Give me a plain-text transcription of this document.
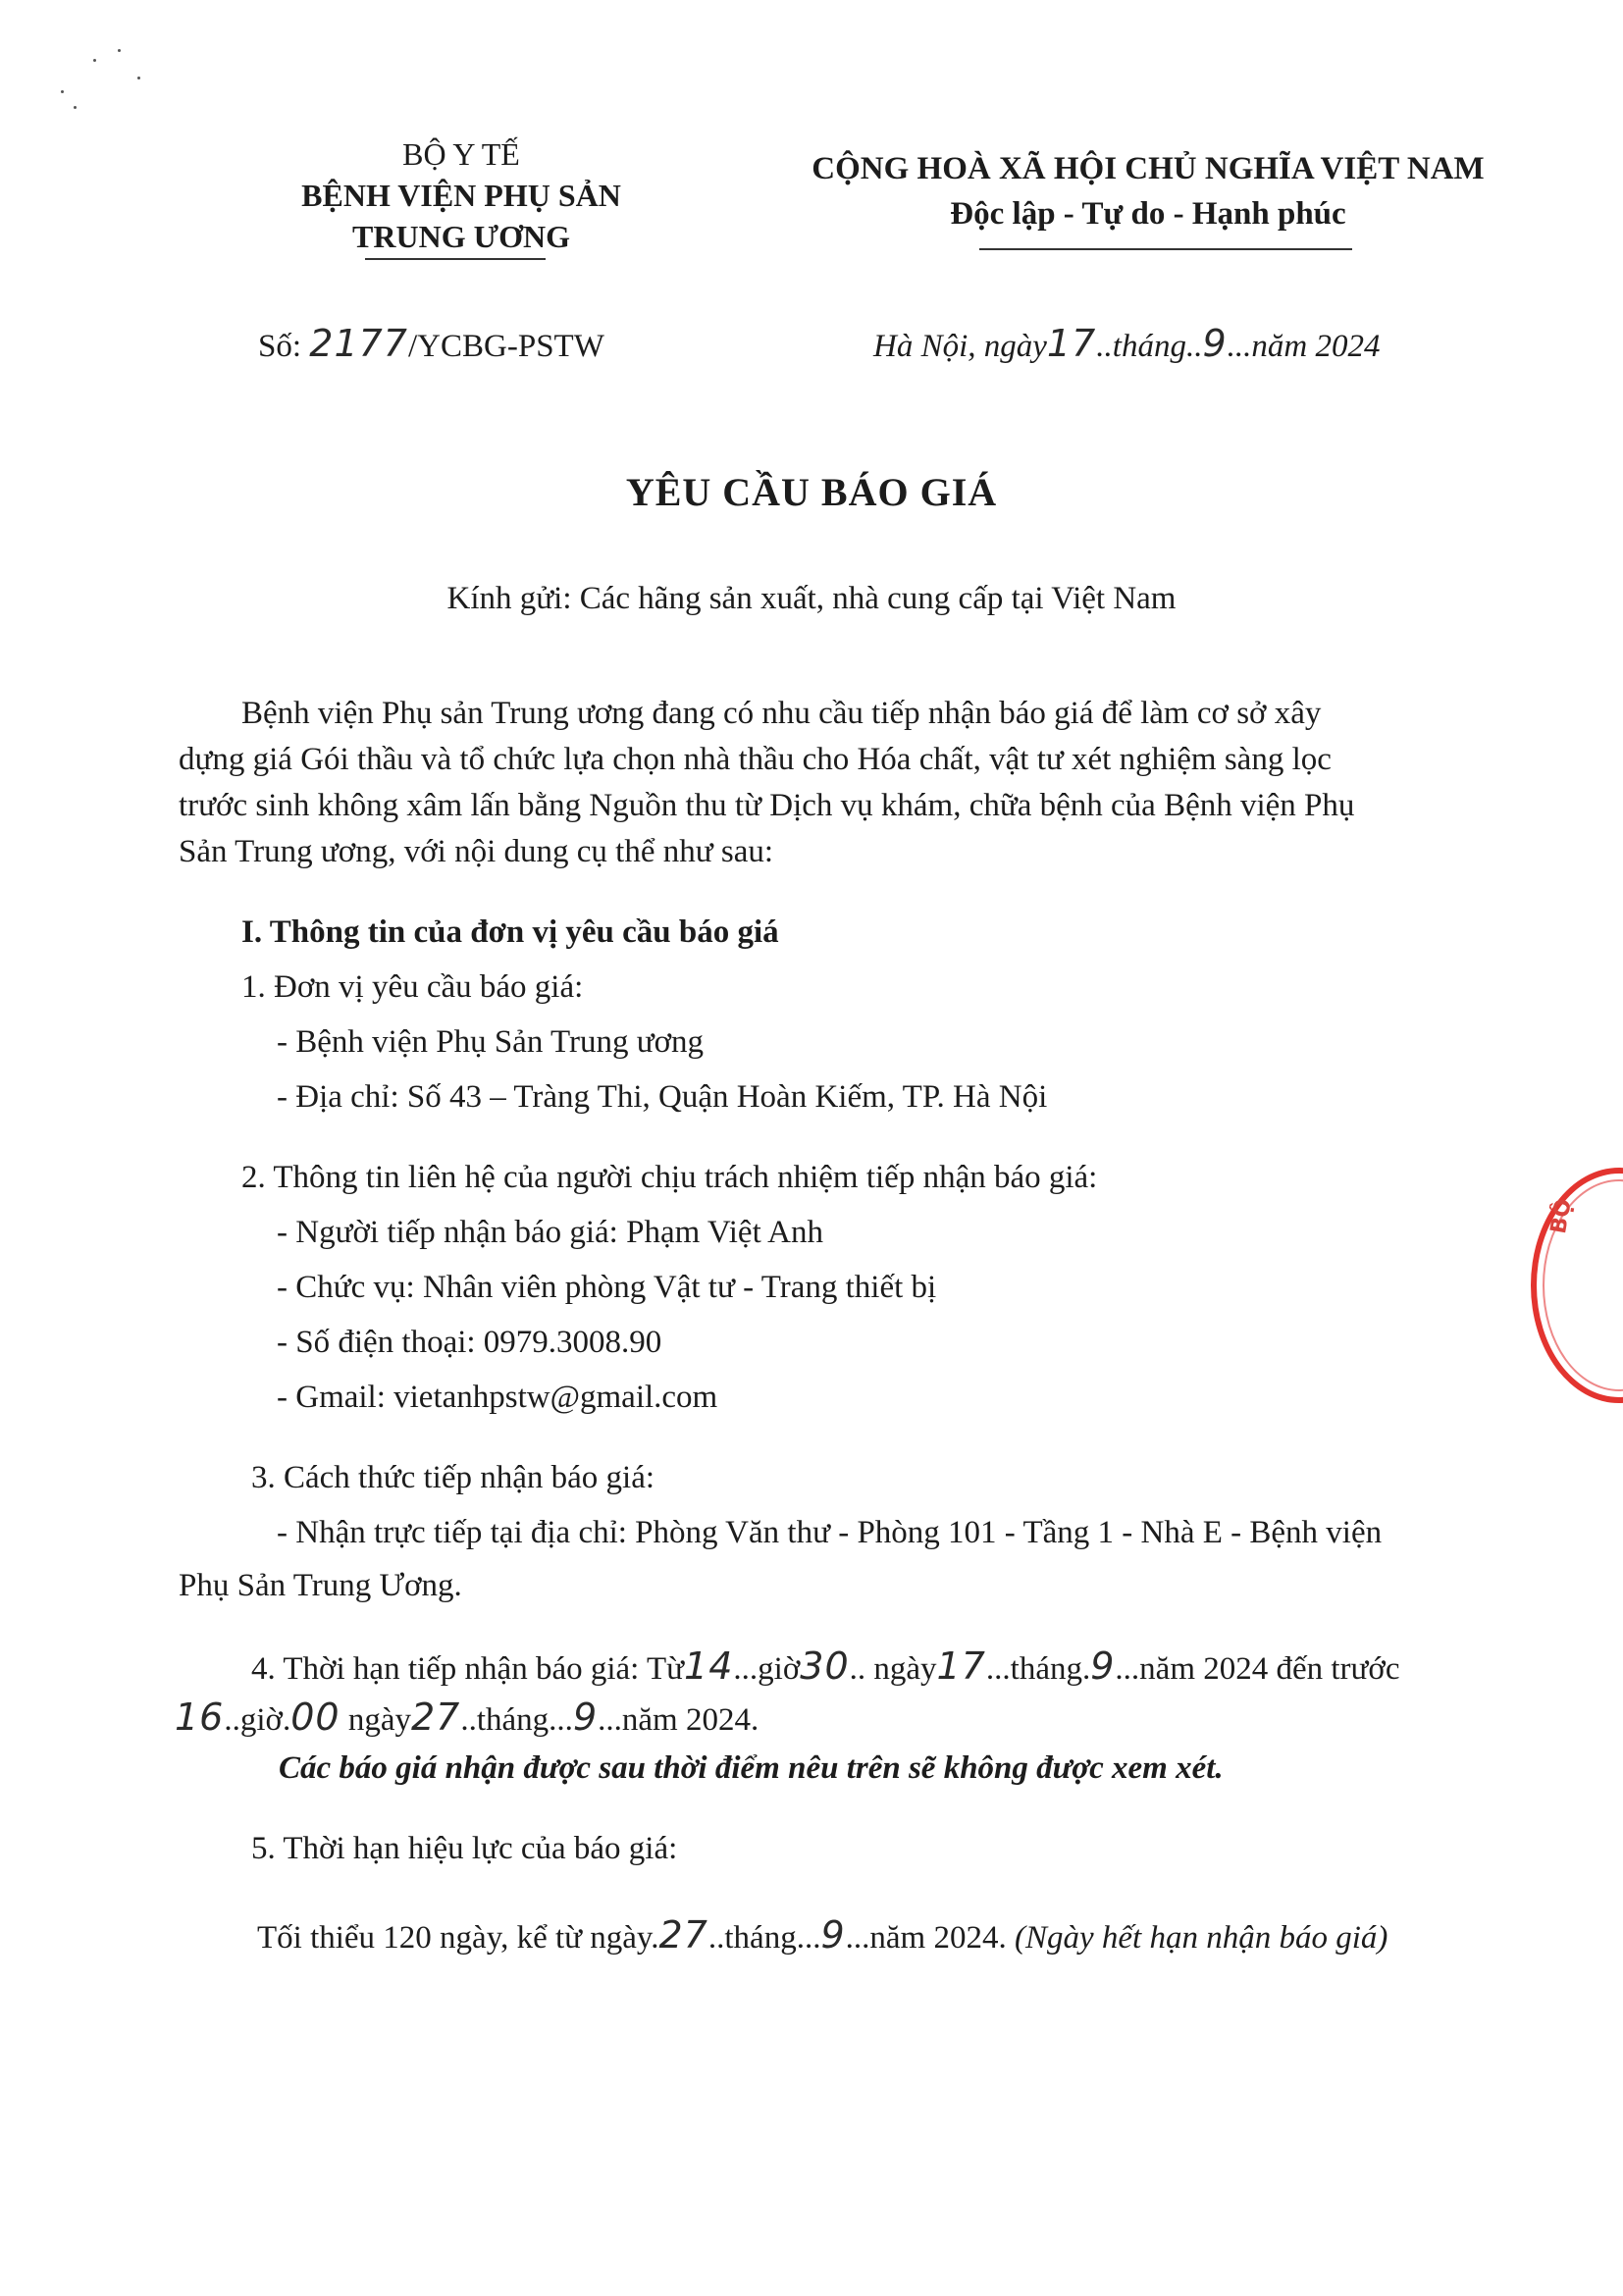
BỘ Y TẾ
BỆNH VIỆN PHỤ SẢN
TRUNG ƯƠNG
CỘNG HOÀ XÃ HỘI CHỦ NGHĨA VIỆT NAM
Độc lập - Tự do - Hạnh phúc
Số: 2177/YCBG-PSTW	Hà Nội, ngày17..tháng..9...năm 2024
YÊU CẦU BÁO GIÁ
Kính gửi: Các hãng sản xuất, nhà cung cấp tại Việt Nam
Bệnh viện Phụ sản Trung ương đang có nhu cầu tiếp nhận báo giá để làm cơ sở xây
dựng giá Gói thầu và tổ chức lựa chọn nhà thầu cho Hóa chất, vật tư xét nghiệm sàng lọc
trước sinh không xâm lấn bằng Nguồn thu từ Dịch vụ khám, chữa bệnh của Bệnh viện Phụ
Sản Trung ương, với nội dung cụ thể như sau:
I. Thông tin của đơn vị yêu cầu báo giá
1. Đơn vị yêu cầu báo giá:
- Bệnh viện Phụ Sản Trung ương
- Địa chỉ: Số 43 – Tràng Thi, Quận Hoàn Kiếm, TP. Hà Nội
2. Thông tin liên hệ của người chịu trách nhiệm tiếp nhận báo giá:
- Người tiếp nhận báo giá: Phạm Việt Anh
- Chức vụ: Nhân viên phòng Vật tư - Trang thiết bị
- Số điện thoại: 0979.3008.90
- Gmail: vietanhpstw@gmail.com
3. Cách thức tiếp nhận báo giá:
- Nhận trực tiếp tại địa chỉ: Phòng Văn thư - Phòng 101 - Tầng 1 - Nhà E - Bệnh viện
Phụ Sản Trung Ương.
4. Thời hạn tiếp nhận báo giá: Từ14...giờ30.. ngày17...tháng.9...năm 2024 đến trước
16..giờ.00 ngày27..tháng...9...năm 2024.
Các báo giá nhận được sau thời điểm nêu trên sẽ không được xem xét.
5. Thời hạn hiệu lực của báo giá:
Tối thiểu 120 ngày, kể từ ngày.27..tháng...9...năm 2024. (Ngày hết hạn nhận báo giá)
BỘ
